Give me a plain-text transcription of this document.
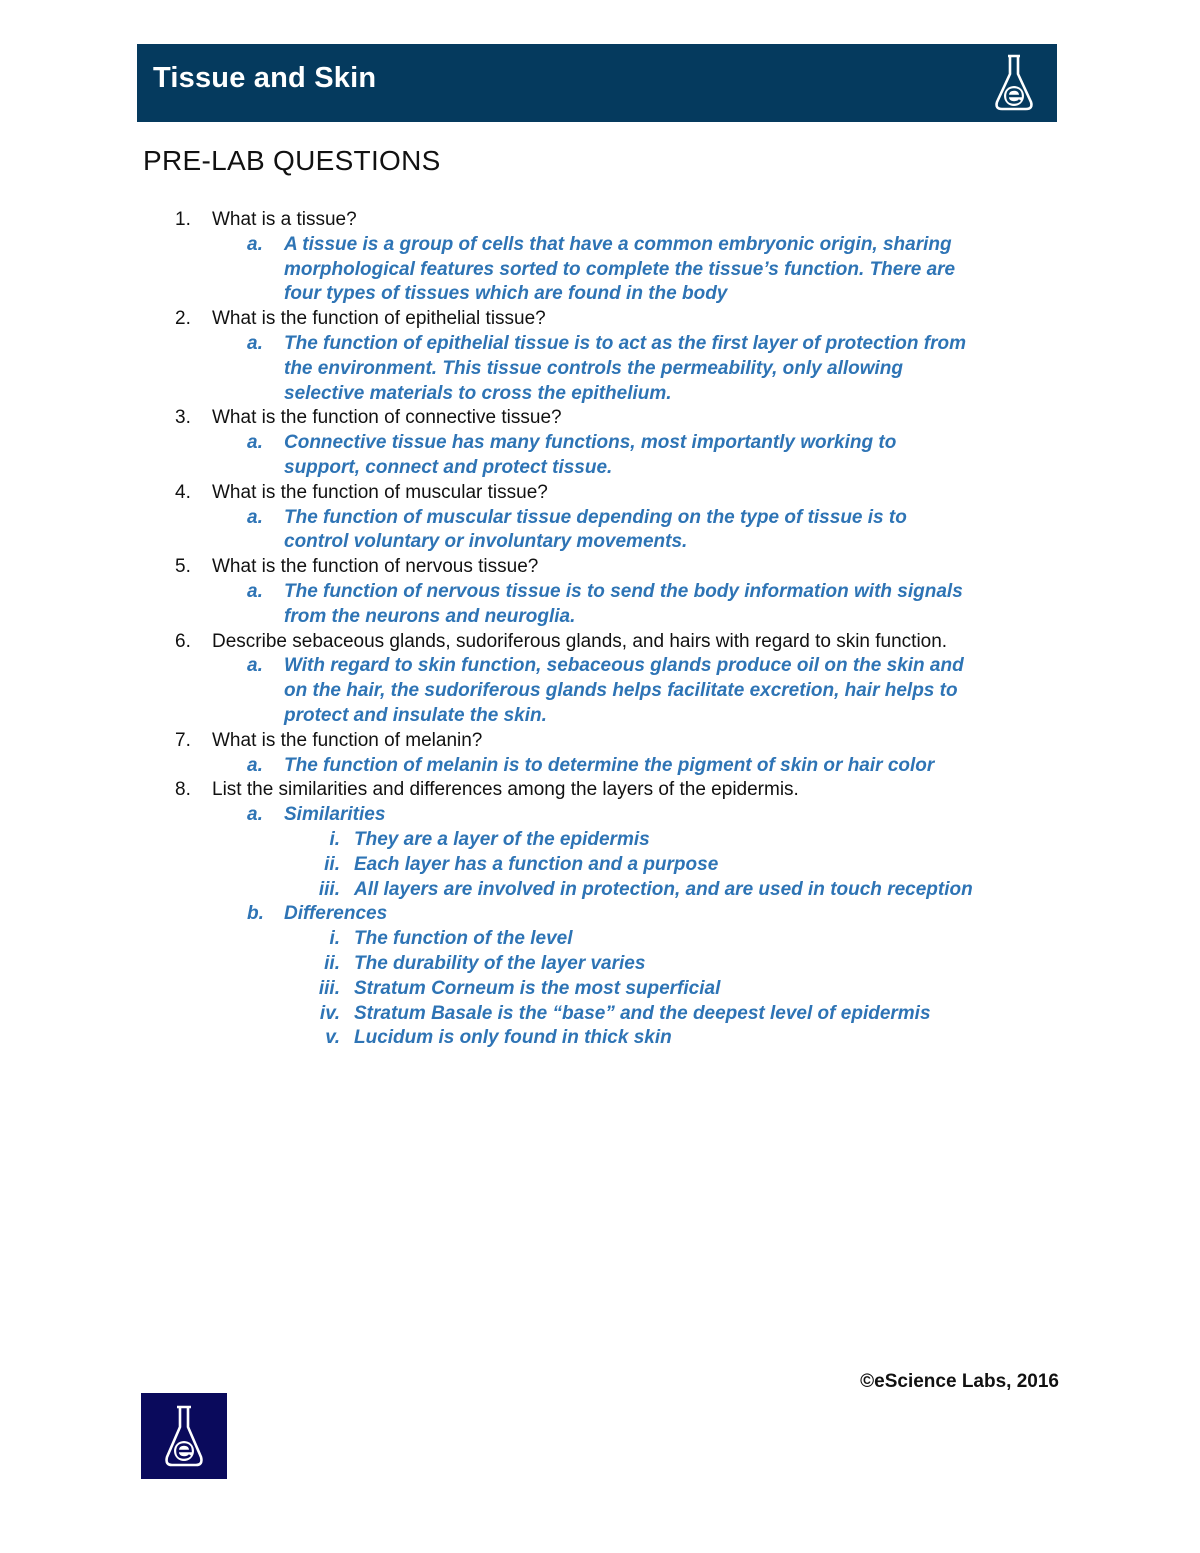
Tissue and Skin
PRE-LAB QUESTIONS
1. What is a tissue?
a. A tissue is a group of cells that have a common embryonic origin, sharing
morphological features sorted to complete the tissue’s function. There are
four types of tissues which are found in the body
2. What is the function of epithelial tissue?
a. The function of epithelial tissue is to act as the first layer of protection from
the environment. This tissue controls the permeability, only allowing
selective materials to cross the epithelium.
3. What is the function of connective tissue?
a. Connective tissue has many functions, most importantly working to
support, connect and protect tissue.
4. What is the function of muscular tissue?
a. The function of muscular tissue depending on the type of tissue is to
control voluntary or involuntary movements.
5. What is the function of nervous tissue?
a. The function of nervous tissue is to send the body information with signals
from the neurons and neuroglia.
6. Describe sebaceous glands, sudoriferous glands, and hairs with regard to skin function.
a. With regard to skin function, sebaceous glands produce oil on the skin and
on the hair, the sudoriferous glands helps facilitate excretion, hair helps to
protect and insulate the skin.
7. What is the function of melanin?
a. The function of melanin is to determine the pigment of skin or hair color
8. List the similarities and differences among the layers of the epidermis.
a. Similarities
i. They are a layer of the epidermis
ii. Each layer has a function and a purpose
iii. All layers are involved in protection, and are used in touch reception
b. Differences
i. The function of the level
ii. The durability of the layer varies
iii. Stratum Corneum is the most superficial
iv. Stratum Basale is the “base” and the deepest level of epidermis
v. Lucidum is only found in thick skin
©eScience Labs, 2016
